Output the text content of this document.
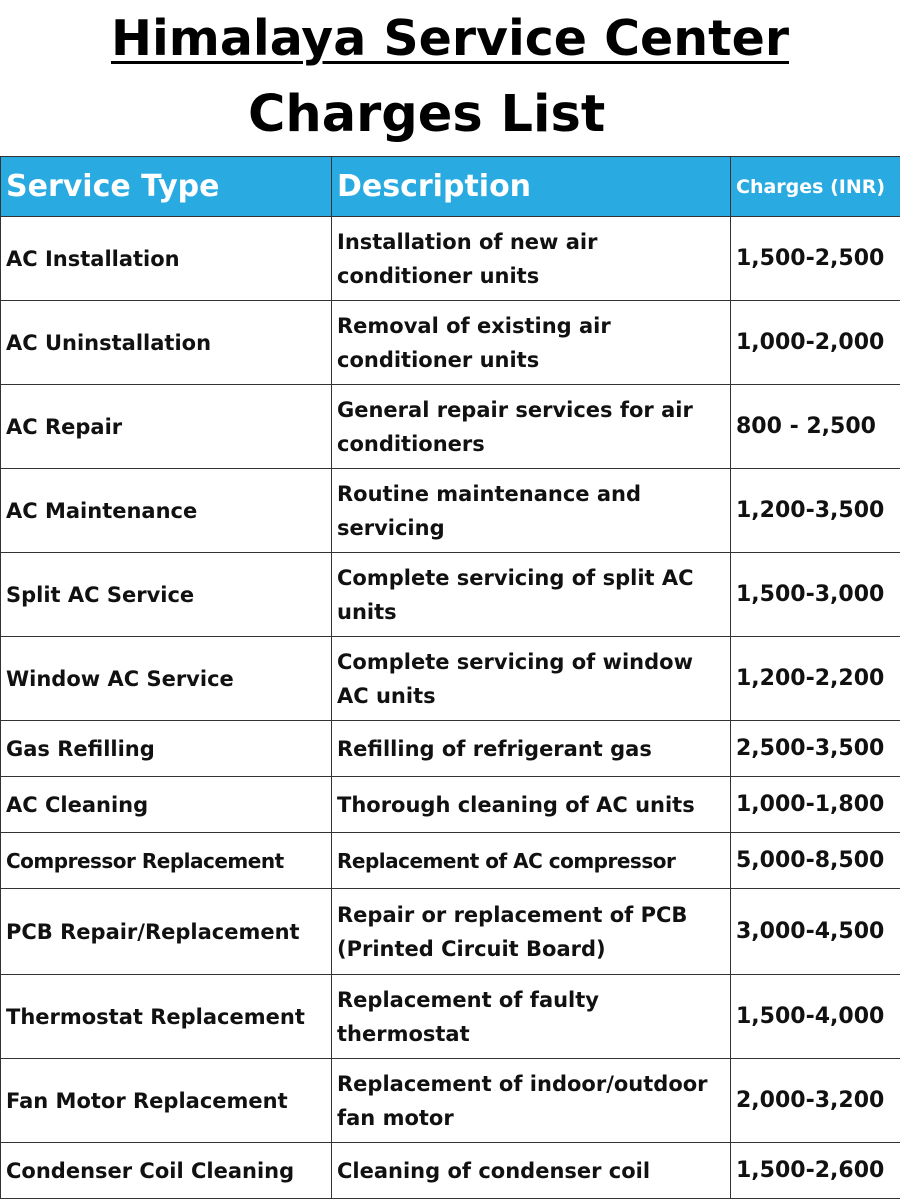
Himalaya Service Center
Charges List
Service Type	Description	Charges (INR)
AC Installation	Installation of new air conditioner units	1,500-2,500
AC Uninstallation	Removal of existing air conditioner units	1,000-2,000
AC Repair	General repair services for air conditioners	800 - 2,500
AC Maintenance	Routine maintenance and servicing	1,200-3,500
Split AC Service	Complete servicing of split AC units	1,500-3,000
Window AC Service	Complete servicing of window AC units	1,200-2,200
Gas Refilling	Refilling of refrigerant gas	2,500-3,500
AC Cleaning	Thorough cleaning of AC units	1,000-1,800
Compressor Replacement	Replacement of AC compressor	5,000-8,500
PCB Repair/Replacement	Repair or replacement of PCB (Printed Circuit Board)	3,000-4,500
Thermostat Replacement	Replacement of faulty thermostat	1,500-4,000
Fan Motor Replacement	Replacement of indoor/outdoor fan motor	2,000-3,200
Condenser Coil Cleaning	Cleaning of condenser coil	1,500-2,600
